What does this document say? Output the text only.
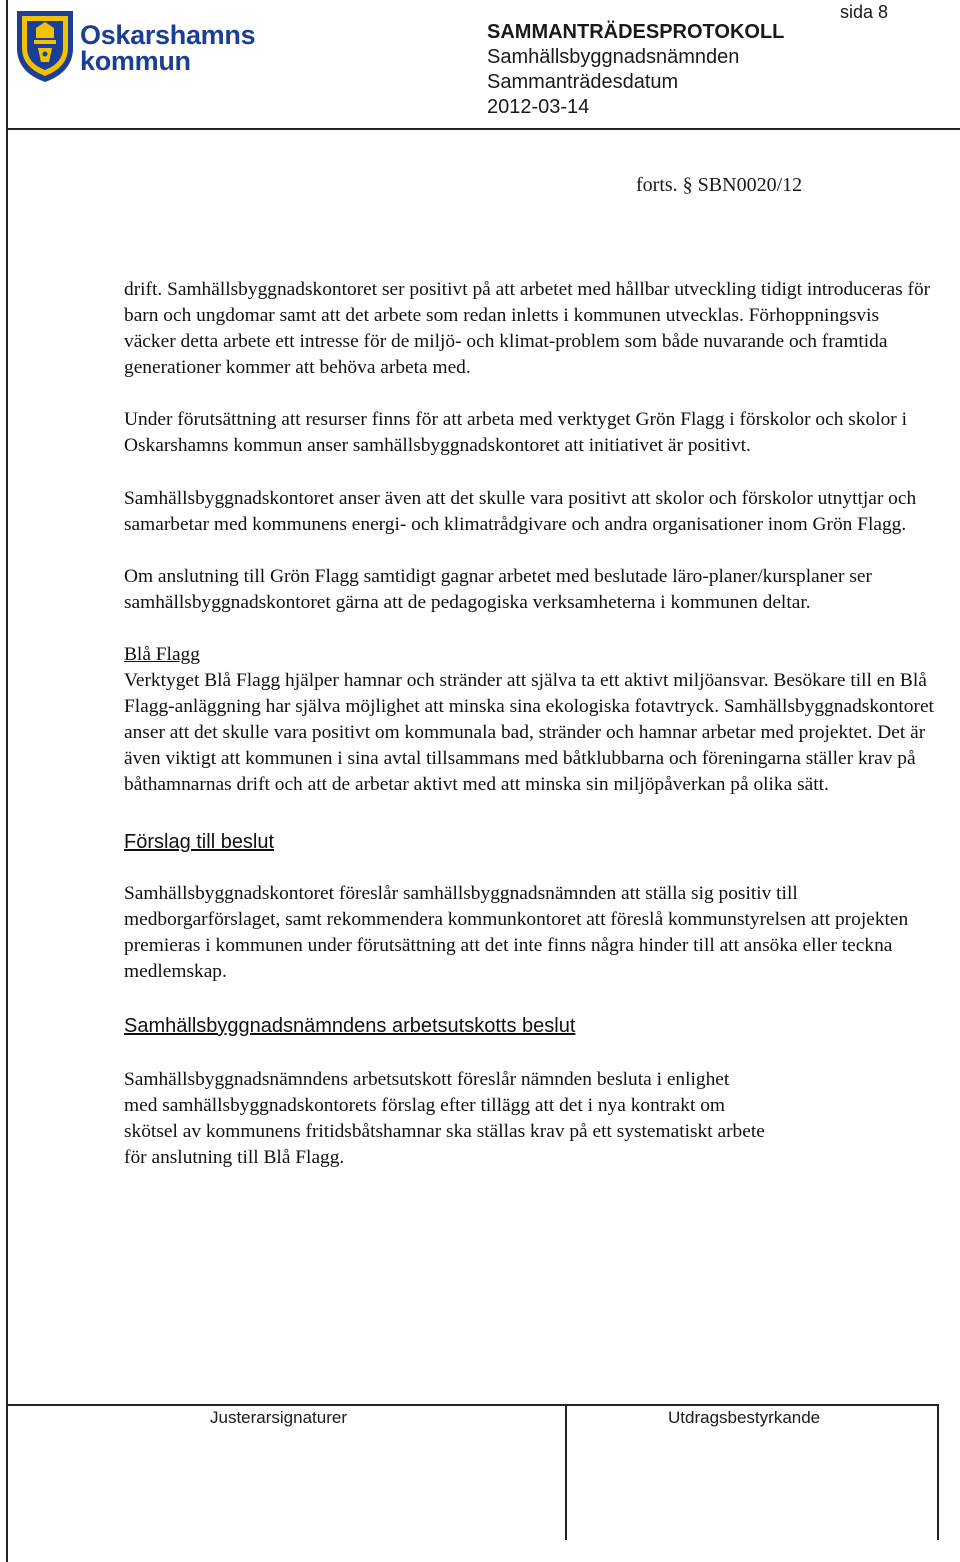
Oskarshamns
kommun
sida 8
SAMMANTRÄDESPROTOKOLL
Samhällsbyggnadsnämnden
Sammanträdesdatum
2012-03-14
forts. § SBN0020/12

drift. Samhällsbyggnadskontoret ser positivt på att arbetet med hållbar utveckling tidigt introduceras för barn och ungdomar samt att det arbete som redan inletts i kommunen utvecklas. Förhoppningsvis väcker detta arbete ett intresse för de miljö- och klimat-problem som både nuvarande och framtida generationer kommer att behöva arbeta med.

Under förutsättning att resurser finns för att arbeta med verktyget Grön Flagg i förskolor och skolor i Oskarshamns kommun anser samhällsbyggnadskontoret att initiativet är positivt.

Samhällsbyggnadskontoret anser även att det skulle vara positivt att skolor och förskolor utnyttjar och samarbetar med kommunens energi- och klimatrådgivare och andra organisationer inom Grön Flagg.

Om anslutning till Grön Flagg samtidigt gagnar arbetet med beslutade läro-planer/kursplaner ser samhällsbyggnadskontoret gärna att de pedagogiska verksamheterna i kommunen deltar.

Blå Flagg

Verktyget Blå Flagg hjälper hamnar och stränder att själva ta ett aktivt miljöansvar. Besökare till en Blå Flagg-anläggning har själva möjlighet att minska sina ekologiska fotavtryck. Samhällsbyggnadskontoret anser att det skulle vara positivt om kommunala bad, stränder och hamnar arbetar med projektet. Det är även viktigt att kommunen i sina avtal tillsammans med båtklubbarna och föreningarna ställer krav på båthamnarnas drift och att de arbetar aktivt med att minska sin miljöpåverkan på olika sätt.

Förslag till beslut

Samhällsbyggnadskontoret föreslår samhällsbyggnadsnämnden att ställa sig positiv till medborgarförslaget, samt rekommendera kommunkontoret att föreslå kommunstyrelsen att projekten premieras i kommunen under förutsättning att det inte finns några hinder till att ansöka eller teckna medlemskap.

Samhällsbyggnadsnämndens arbetsutskotts beslut

Samhällsbyggnadsnämndens arbetsutskott föreslår nämnden besluta i enlighet
med samhällsbyggnadskontorets förslag efter tillägg att det i nya kontrakt om
skötsel av kommunens fritidsbåtshamnar ska ställas krav på ett systematiskt arbete
för anslutning till Blå Flagg.

Justerarsignaturer	Utdragsbestyrkande
